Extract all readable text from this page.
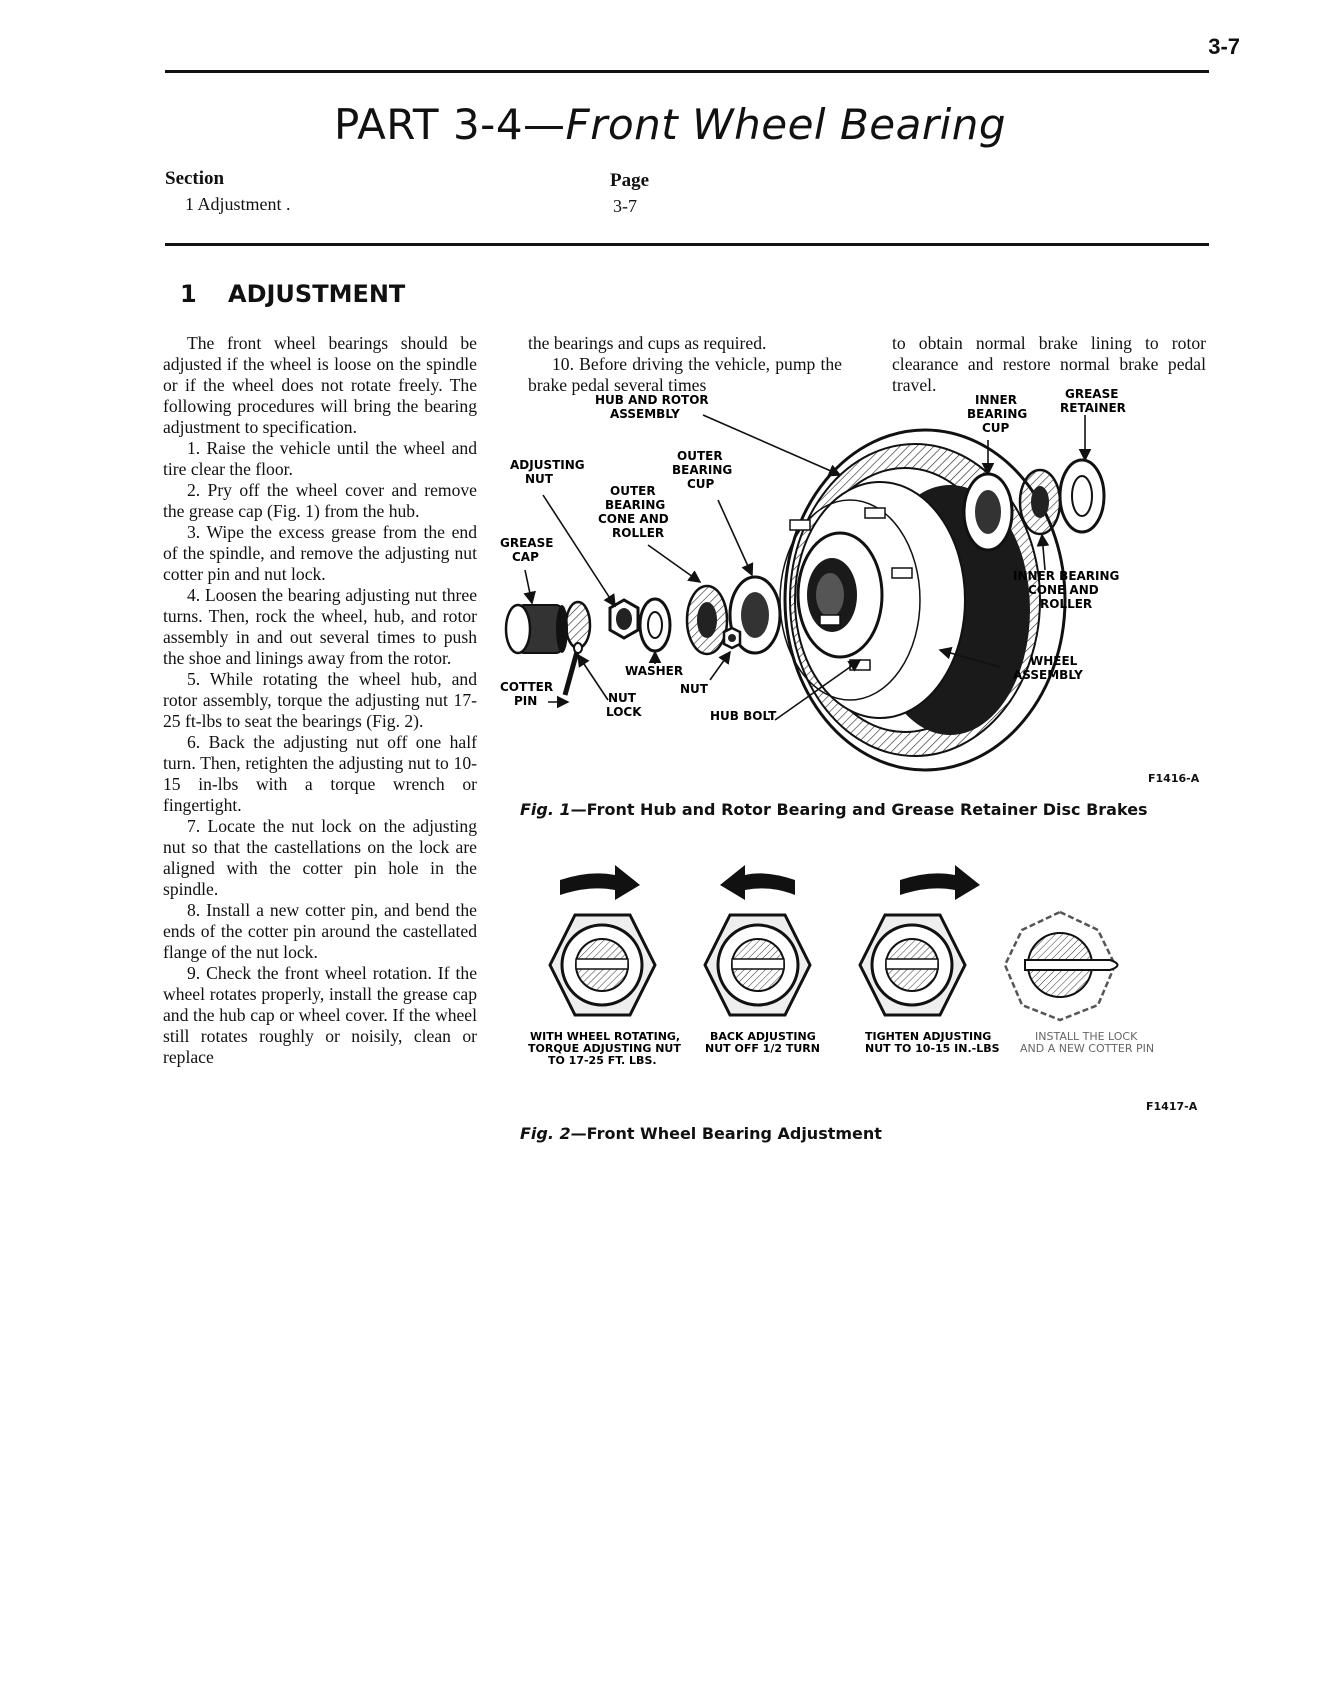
3-7
PART 3-4—Front Wheel Bearing
Section	Page
1 Adjustment .	3-7
1 ADJUSTMENT

The front wheel bearings should be adjusted if the wheel is loose on the spindle or if the wheel does not rotate freely. The following procedures will bring the bearing adjustment to specification.

1. Raise the vehicle until the wheel and tire clear the floor.

2. Pry off the wheel cover and remove the grease cap (Fig. 1) from the hub.

3. Wipe the excess grease from the end of the spindle, and remove the adjusting nut cotter pin and nut lock.

4. Loosen the bearing adjusting nut three turns. Then, rock the wheel, hub, and rotor assembly in and out several times to push the shoe and linings away from the rotor.

5. While rotating the wheel hub, and rotor assembly, torque the adjusting nut 17-25 ft-lbs to seat the bearings (Fig. 2).

6. Back the adjusting nut off one half turn. Then, retighten the adjusting nut to 10-15 in-lbs with a torque wrench or fingertight.

7. Locate the nut lock on the adjusting nut so that the castellations on the lock are aligned with the cotter pin hole in the spindle.

8. Install a new cotter pin, and bend the ends of the cotter pin around the castellated flange of the nut lock.

9. Check the front wheel rotation. If the wheel rotates properly, install the grease cap and the hub cap or wheel cover. If the wheel still rotates roughly or noisily, clean or replace

the bearings and cups as required.

10. Before driving the vehicle, pump the brake pedal several times

to obtain normal brake lining to rotor clearance and restore normal brake pedal travel.

HUB AND ROTOR
ASSEMBLY
ADJUSTING
NUT
OUTER
BEARING
CUP
OUTER
BEARING
CONE AND
ROLLER
GREASE
CAP
WASHER
NUT
COTTER
PIN	NUT
LOCK	HUB BOLT
INNER
BEARING
CUP
GREASE
RETAINER
INNER BEARING
CONE AND
ROLLER
WHEEL
ASSEMBLY
F1416-A
Fig. 1—Front Hub and Rotor Bearing and Grease Retainer Disc Brakes
WITH WHEEL ROTATING,
TORQUE ADJUSTING NUT
TO 17-25 FT. LBS.
BACK ADJUSTING
NUT OFF 1/2 TURN
TIGHTEN ADJUSTING
NUT TO 10-15 IN.-LBS
INSTALL THE LOCK
AND A NEW COTTER PIN
F1417-A
Fig. 2—Front Wheel Bearing Adjustment
